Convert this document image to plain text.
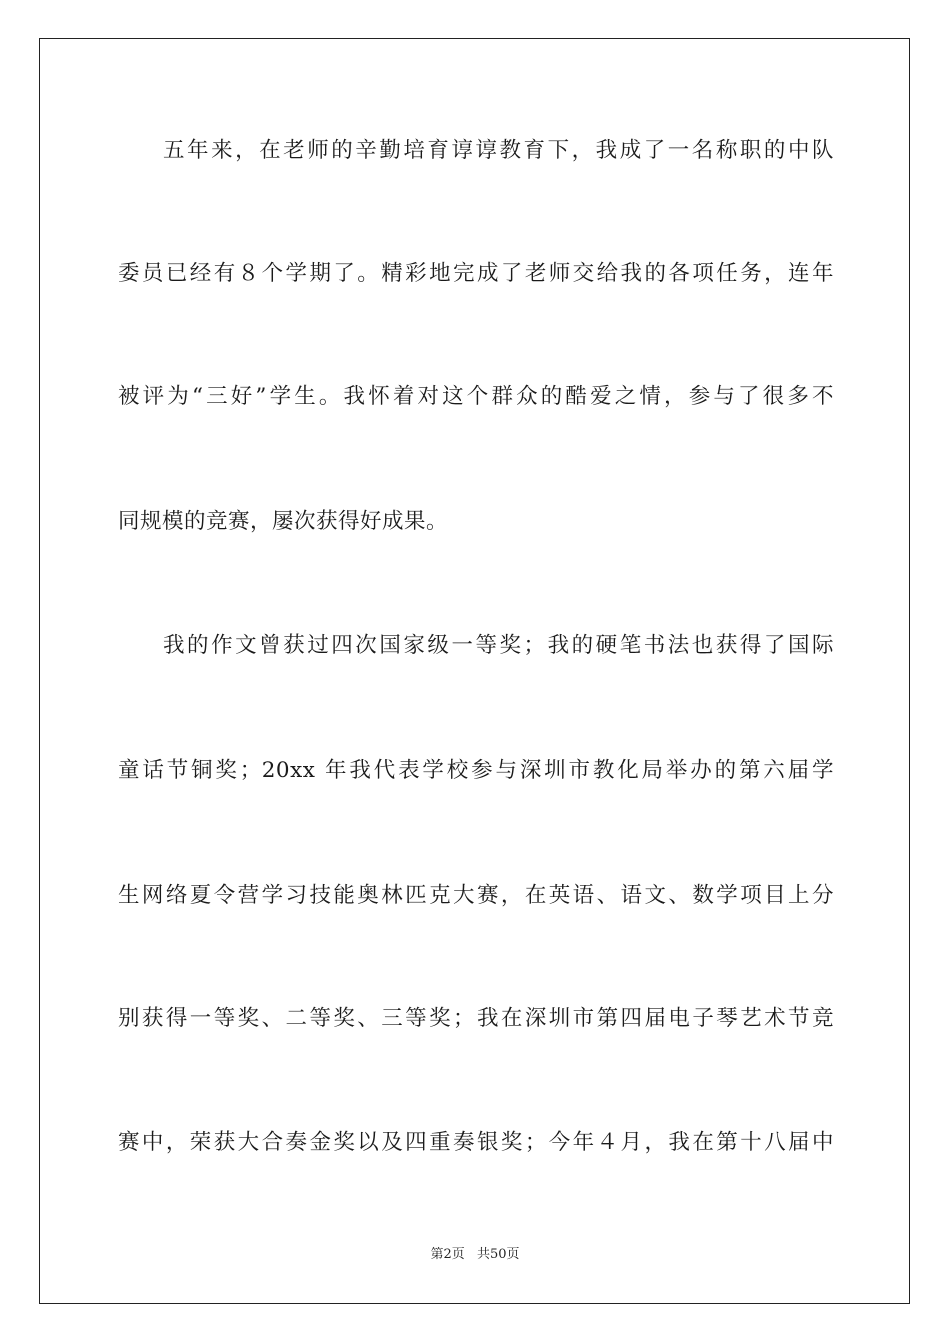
五年来，在老师的辛勤培育谆谆教育下，我成了一名称职的中队
委员已经有８个学期了。精彩地完成了老师交给我的各项任务，连年
被评为“三好”学生。我怀着对这个群众的酷爱之情，参与了很多不
同规模的竞赛，屡次获得好成果。
我的作文曾获过四次国家级一等奖；我的硬笔书法也获得了国际
童话节铜奖；20xx 年我代表学校参与深圳市教化局举办的第六届学
生网络夏令营学习技能奥林匹克大赛，在英语、语文、数学项目上分
别获得一等奖、二等奖、三等奖；我在深圳市第四届电子琴艺术节竞
赛中，荣获大合奏金奖以及四重奏银奖；今年４月，我在第十八届中
第2页 共50页
